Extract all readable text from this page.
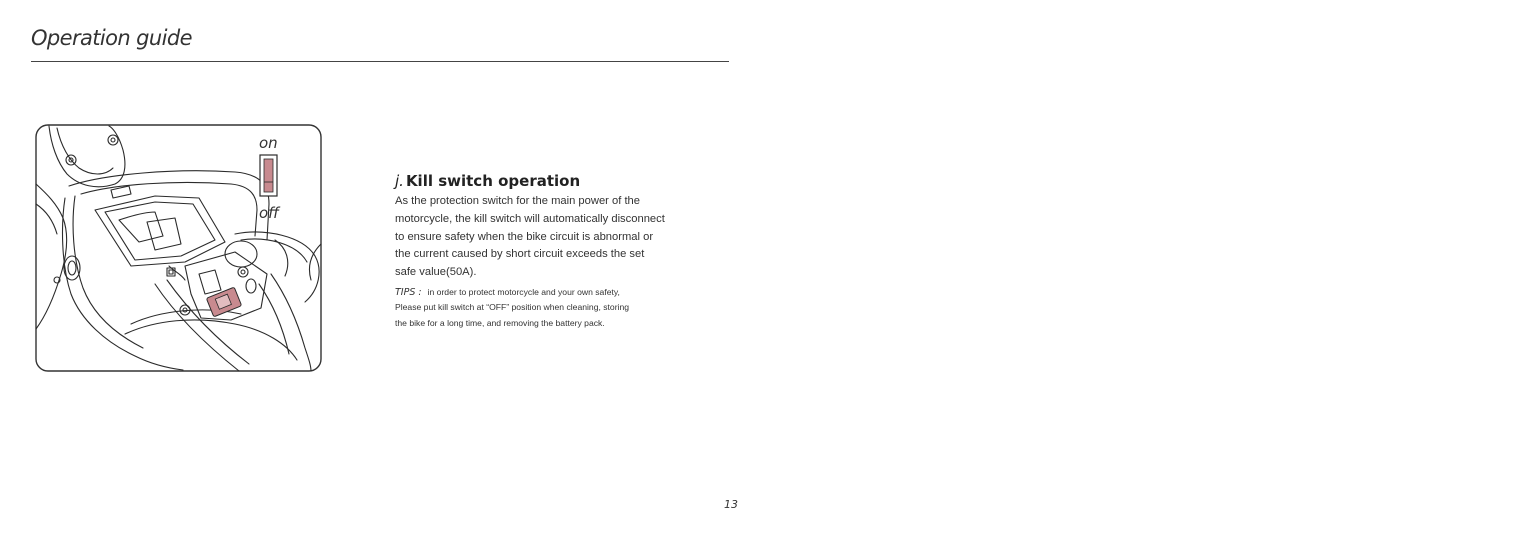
Operation guide
on
off
j. Kill switch operation
As the protection switch for the main power of the
motorcycle, the kill switch will automatically disconnect
to ensure safety when the bike circuit is abnormal or
the current caused by short circuit exceeds the set
safe value(50A).
TIPS : in order to protect motorcycle and your own safety,
Please put kill switch at “OFF” position when cleaning, storing
the bike for a long time, and removing the battery pack.
13
